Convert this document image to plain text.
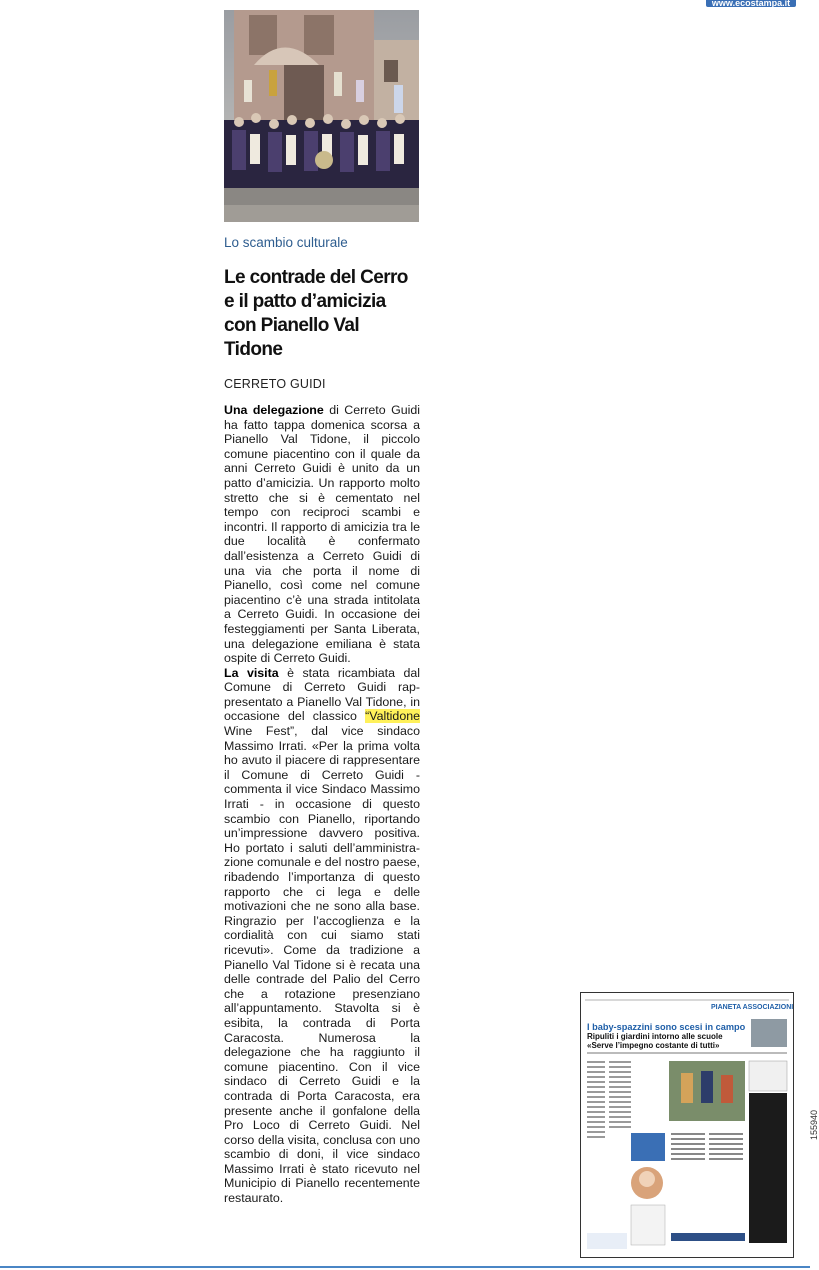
www.ecostampa.it
Lo scambio culturale
Le contrade del Cerro
e il patto d’amicizia
con Pianello Val Tidone
CERRETO GUIDI

Una delegazione di Cerreto Guidi ha fatto tappa domenica scorsa a Pianello Val Tidone, il piccolo comune piacentino con il quale da anni Cerreto Guidi è unito da un patto d’amicizia. Un rapporto molto stretto che si è cementato nel tempo con reciproci scambi e incontri. Il rapporto di amicizia tra le due località è confermato dall’esistenza a Cerreto Guidi di una via che porta il nome di Pianello, così come nel comune piacentino c’è una strada intitolata a Cerreto Guidi. In occasione dei festeggiamenti per Santa Liberata, una delegazione emiliana è stata ospite di Cerreto Guidi.

La visita è stata ricambiata dal Comune di Cerreto Guidi rappresentato a Pianello Val Tidone, in occasione del classico “Valtidone Wine Fest”, dal vice sindaco Massimo Irrati. «Per la prima volta ho avuto il piacere di rappresentare il Comune di Cerreto Guidi - commenta il vice Sindaco Massimo Irrati - in occasione di questo scambio con Pianello, riportando un’impressione davvero positiva. Ho portato i saluti dell’amministrazione comunale e del nostro paese, ribadendo l’importanza di questo rapporto che ci lega e delle motivazioni che ne sono alla base. Ringrazio per l’accoglienza e la cordialità con cui siamo stati ricevuti». Come da tradizione a Pianello Val Tidone si è recata una delle contrade del Palio del Cerro che a rotazione presenziano all’appuntamento. Stavolta si è esibita, la contrada di Porta Caracosta. Numerosa la delegazione che ha raggiunto il comune piacentino. Con il vice sindaco di Cerreto Guidi e la contrada di Porta Caracosta, era presente anche il gonfalone della Pro Loco di Cerreto Guidi. Nel corso della visita, conclusa con uno scambio di doni, il vice sindaco Massimo Irrati è stato ricevuto nel Municipio di Pianello recentemente restaurato.

PIANETA ASSOCIAZIONI
I baby-spazzini sono scesi in campo
Ripuliti i giardini intorno alle scuole
«Serve l’impegno costante di tutti»
155940
